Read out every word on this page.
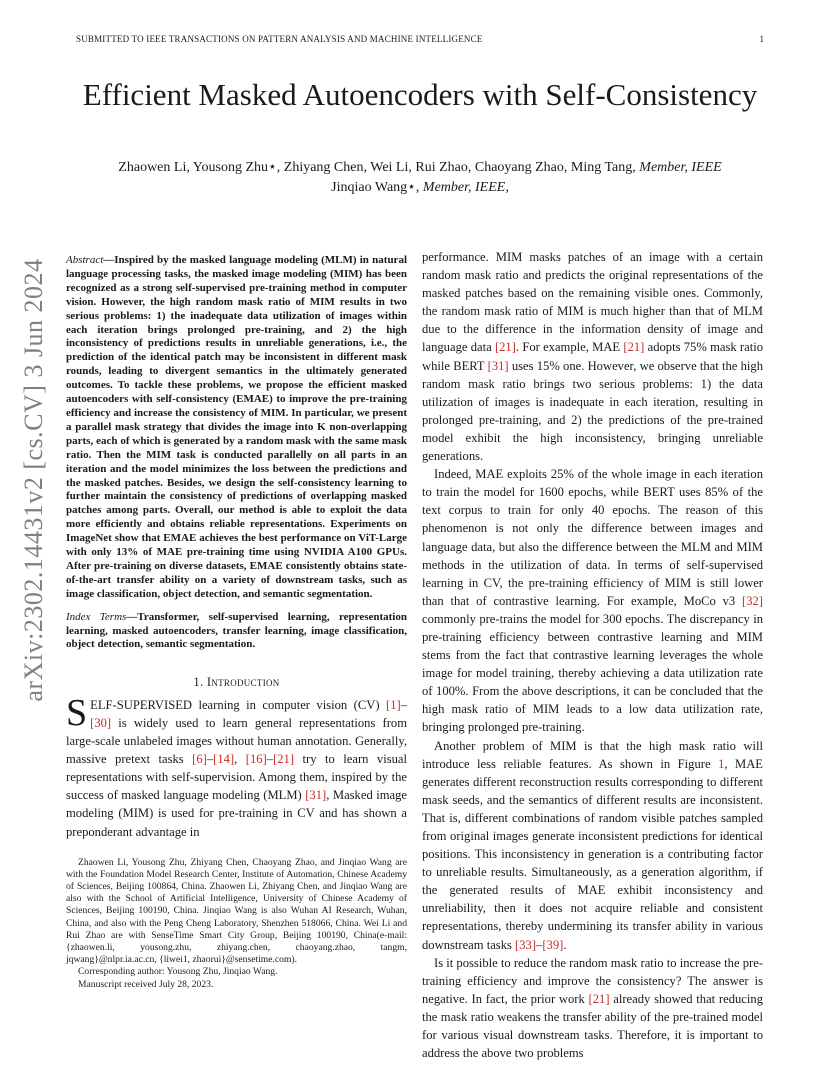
SUBMITTED TO IEEE TRANSACTIONS ON PATTERN ANALYSIS AND MACHINE INTELLIGENCE	1
arXiv:2302.14431v2 [cs.CV] 3 Jun 2024
Efficient Masked Autoencoders with Self-Consistency
Zhaowen Li, Yousong Zhu⋆, Zhiyang Chen, Wei Li, Rui Zhao, Chaoyang Zhao, Ming Tang, Member, IEEE
Jinqiao Wang⋆, Member, IEEE,

Abstract—Inspired by the masked language modeling (MLM) in natural language processing tasks, the masked image modeling (MIM) has been recognized as a strong self-supervised pre-training method in computer vision. However, the high random mask ratio of MIM results in two serious problems: 1) the inadequate data utilization of images within each iteration brings prolonged pre-training, and 2) the high inconsistency of predictions results in unreliable generations, i.e., the prediction of the identical patch may be inconsistent in different mask rounds, leading to divergent semantics in the ultimately generated outcomes. To tackle these problems, we propose the efficient masked autoencoders with self-consistency (EMAE) to improve the pre-training efficiency and increase the consistency of MIM. In particular, we present a parallel mask strategy that divides the image into K non-overlapping parts, each of which is generated by a random mask with the same mask ratio. Then the MIM task is conducted parallelly on all parts in an iteration and the model minimizes the loss between the predictions and the masked patches. Besides, we design the self-consistency learning to further maintain the consistency of predictions of overlapping masked patches among parts. Overall, our method is able to exploit the data more efficiently and obtains reliable representations. Experiments on ImageNet show that EMAE achieves the best performance on ViT-Large with only 13% of MAE pre-training time using NVIDIA A100 GPUs. After pre-training on diverse datasets, EMAE consistently obtains state-of-the-art transfer ability on a variety of downstream tasks, such as image classification, object detection, and semantic segmentation.

Index Terms—Transformer, self-supervised learning, representation learning, masked autoencoders, transfer learning, image classification, object detection, semantic segmentation.

1. Introduction

SELF-SUPERVISED learning in computer vision (CV) [1]–[30] is widely used to learn general representations from large-scale unlabeled images without human annotation. Generally, massive pretext tasks [6]–[14], [16]–[21] try to learn visual representations with self-supervision. Among them, inspired by the success of masked language modeling (MLM) [31], Masked image modeling (MIM) is used for pre-training in CV and has shown a preponderant advantage in

Zhaowen Li, Yousong Zhu, Zhiyang Chen, Chaoyang Zhao, and Jinqiao Wang are with the Foundation Model Research Center, Institute of Automation, Chinese Academy of Sciences, Beijing 100864, China. Zhaowen Li, Zhiyang Chen, and Jinqiao Wang are also with the School of Artificial Intelligence, University of Chinese Academy of Sciences, Beijing 100190, China. Jinqiao Wang is also Wuhan AI Research, Wuhan, China, and also with the Peng Cheng Laboratory, Shenzhen 518066, China. Wei Li and Rui Zhao are with SenseTime Smart City Group, Beijing 100190, China(e-mail: {zhaowen.li, yousong.zhu, zhiyang.chen, chaoyang.zhao, tangm, jqwang}@nlpr.ia.ac.cn, {liwei1, zhaorui}@sensetime.com).

Corresponding author: Yousong Zhu, Jinqiao Wang.

Manuscript received July 28, 2023.

performance. MIM masks patches of an image with a certain random mask ratio and predicts the original representations of the masked patches based on the remaining visible ones. Commonly, the random mask ratio of MIM is much higher than that of MLM due to the difference in the information density of image and language data [21]. For example, MAE [21] adopts 75% mask ratio while BERT [31] uses 15% one. However, we observe that the high random mask ratio brings two serious problems: 1) the data utilization of images is inadequate in each iteration, resulting in prolonged pre-training, and 2) the predictions of the pre-trained model exhibit the high inconsistency, bringing unreliable generations.

Indeed, MAE exploits 25% of the whole image in each iteration to train the model for 1600 epochs, while BERT uses 85% of the text corpus to train for only 40 epochs. The reason of this phenomenon is not only the difference between images and language data, but also the difference between the MLM and MIM methods in the utilization of data. In terms of self-supervised learning in CV, the pre-training efficiency of MIM is still lower than that of contrastive learning. For example, MoCo v3 [32] commonly pre-trains the model for 300 epochs. The discrepancy in pre-training efficiency between contrastive learning and MIM stems from the fact that contrastive learning leverages the whole image for model training, thereby achieving a data utilization rate of 100%. From the above descriptions, it can be concluded that the high mask ratio of MIM leads to a low data utilization rate, bringing prolonged pre-training.

Another problem of MIM is that the high mask ratio will introduce less reliable features. As shown in Figure 1, MAE generates different reconstruction results corresponding to different mask seeds, and the semantics of different results are inconsistent. That is, different combinations of random visible patches sampled from original images generate inconsistent predictions for identical positions. This inconsistency in generation is a contributing factor to unreliable results. Simultaneously, as a generation algorithm, if the generated results of MAE exhibit inconsistency and unreliability, then it does not acquire reliable and consistent representations, thereby undermining its transfer ability in various downstream tasks [33]–[39].

Is it possible to reduce the random mask ratio to increase the pre-training efficiency and improve the consistency? The answer is negative. In fact, the prior work [21] already showed that reducing the mask ratio weakens the transfer ability of the pre-trained model for various visual downstream tasks. Therefore, it is important to address the above two problems
